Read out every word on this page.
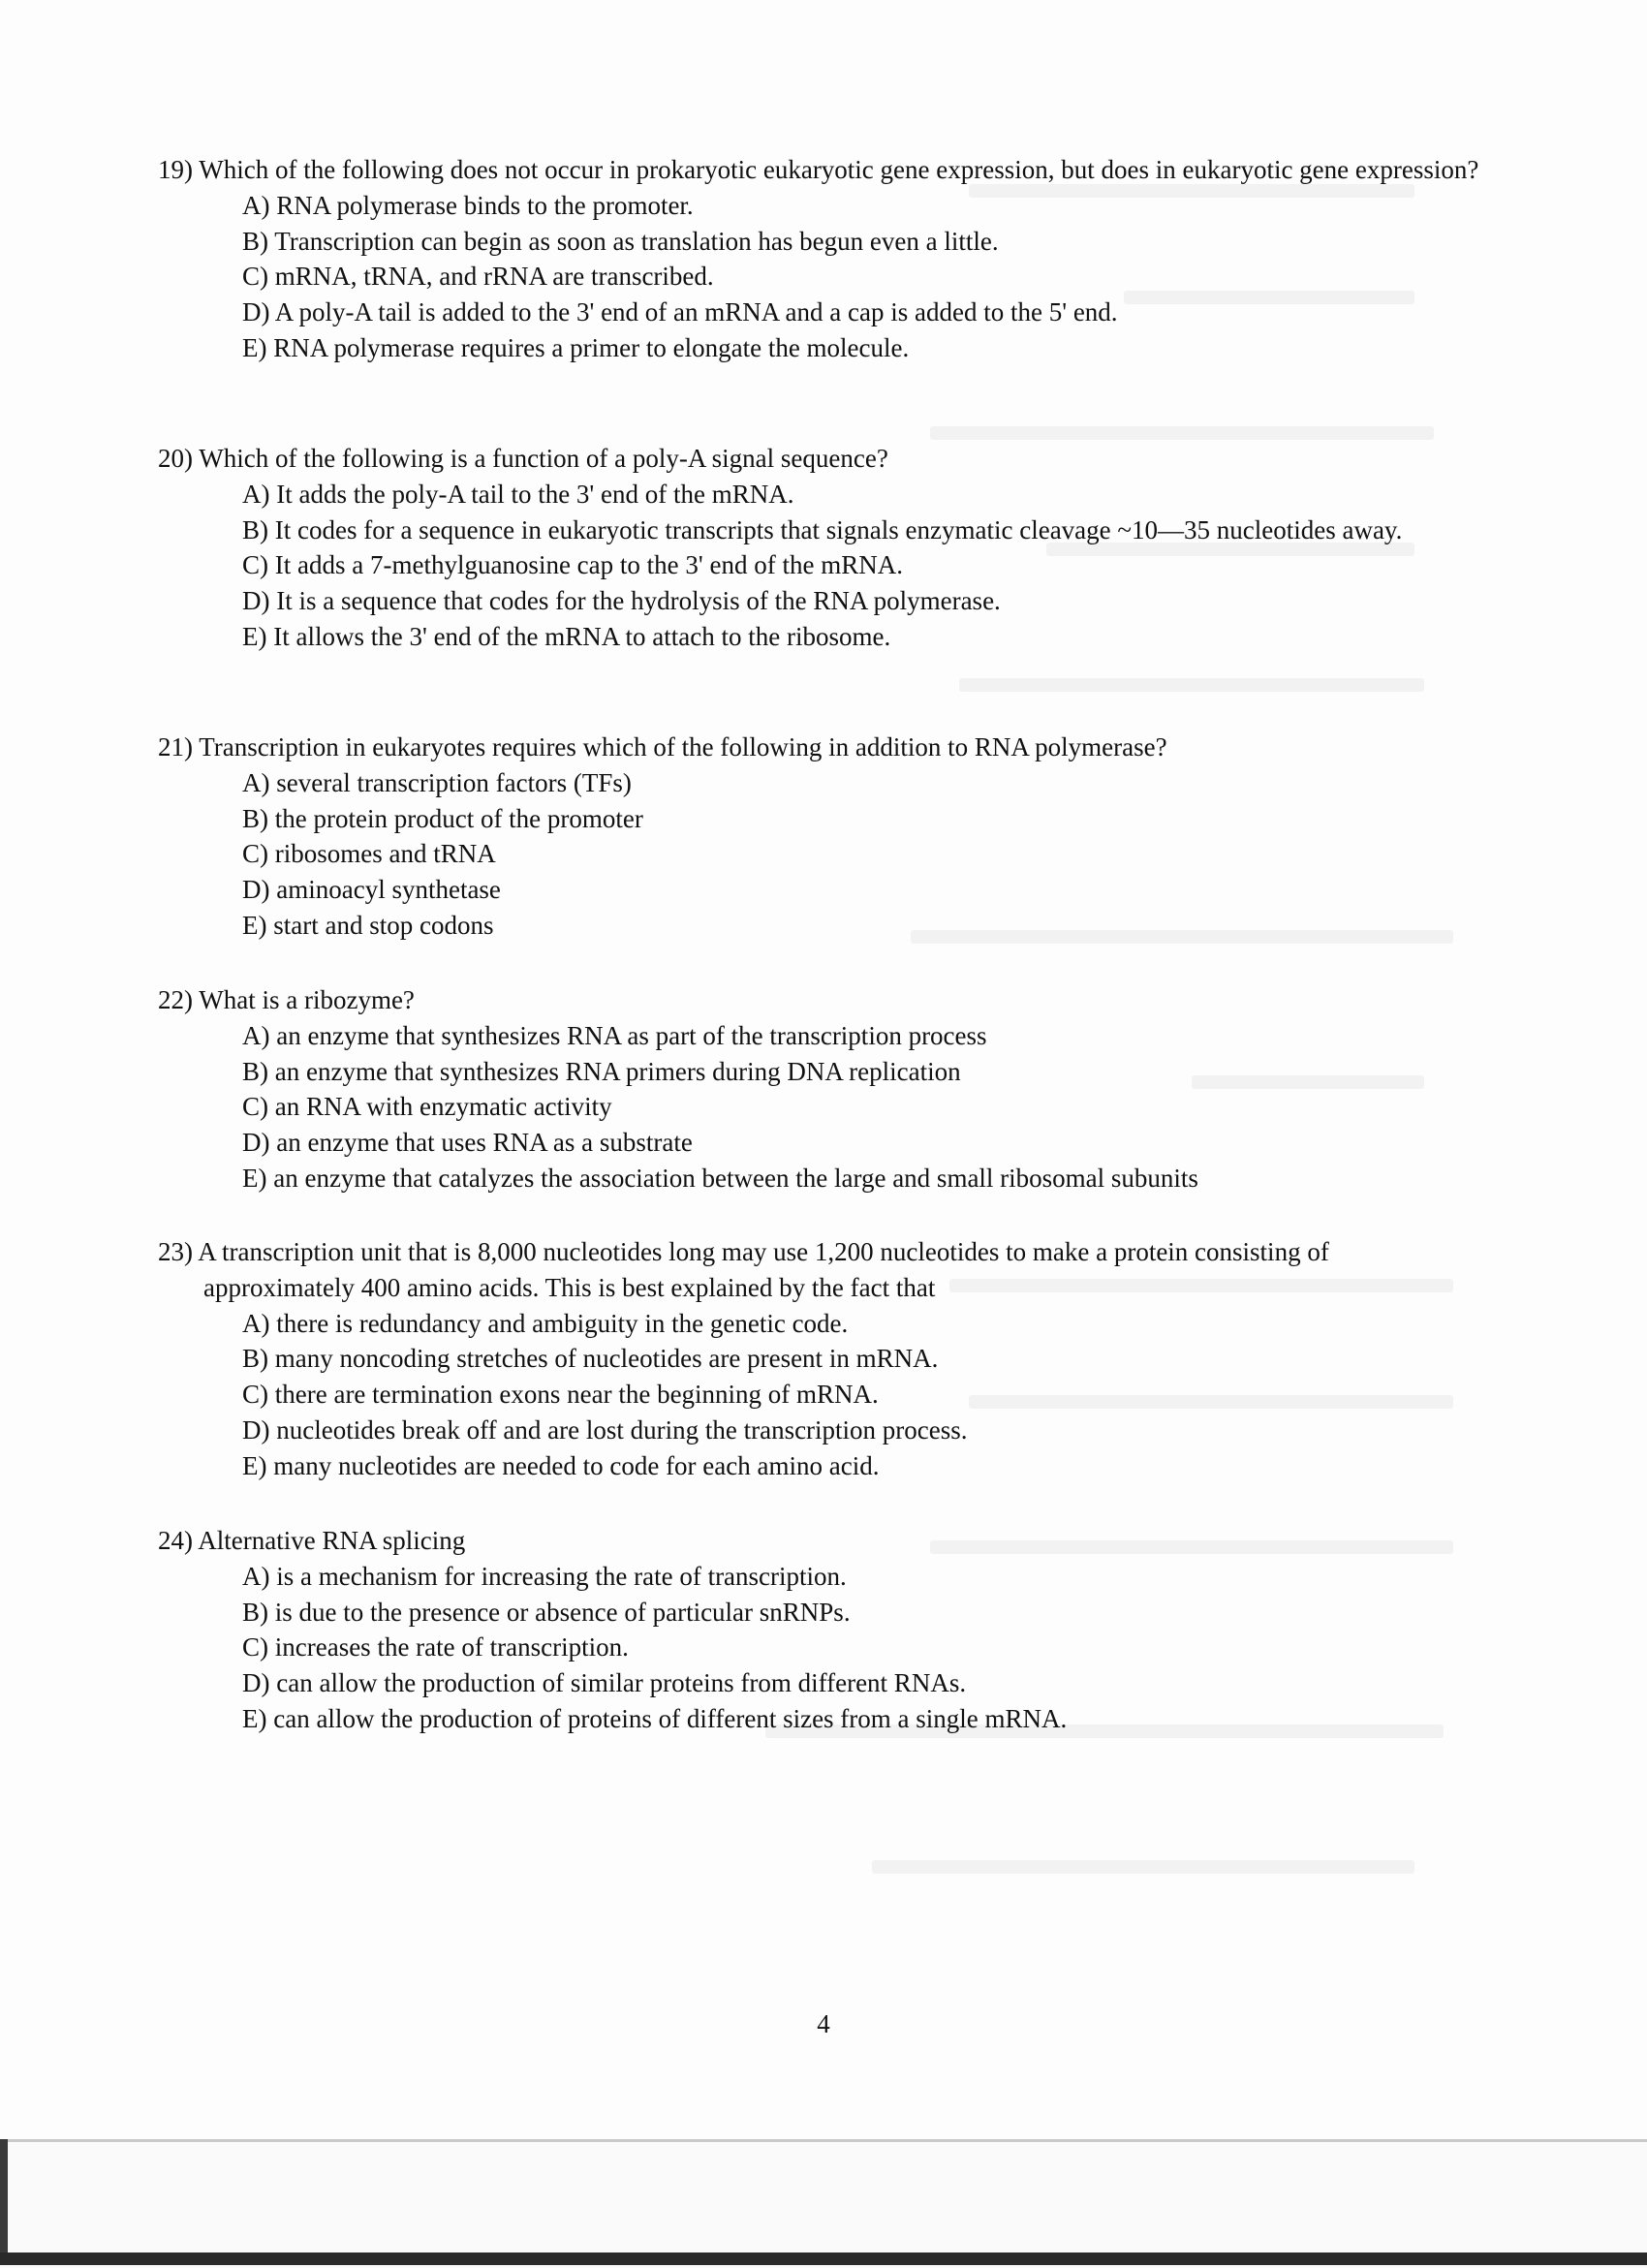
19) Which of the following does not occur in prokaryotic eukaryotic gene expression, but does in eukaryotic gene expression?
A) RNA polymerase binds to the promoter.
B) Transcription can begin as soon as translation has begun even a little.
C) mRNA, tRNA, and rRNA are transcribed.
D) A poly-A tail is added to the 3' end of an mRNA and a cap is added to the 5' end.
E) RNA polymerase requires a primer to elongate the molecule.
20) Which of the following is a function of a poly-A signal sequence?
A) It adds the poly-A tail to the 3' end of the mRNA.
B) It codes for a sequence in eukaryotic transcripts that signals enzymatic cleavage ~10—35 nucleotides away.
C) It adds a 7-methylguanosine cap to the 3' end of the mRNA.
D) It is a sequence that codes for the hydrolysis of the RNA polymerase.
E) It allows the 3' end of the mRNA to attach to the ribosome.
21) Transcription in eukaryotes requires which of the following in addition to RNA polymerase?
A) several transcription factors (TFs)
B) the protein product of the promoter
C) ribosomes and tRNA
D) aminoacyl synthetase
E) start and stop codons
22) What is a ribozyme?
A) an enzyme that synthesizes RNA as part of the transcription process
B) an enzyme that synthesizes RNA primers during DNA replication
C) an RNA with enzymatic activity
D) an enzyme that uses RNA as a substrate
E) an enzyme that catalyzes the association between the large and small ribosomal subunits
23) A transcription unit that is 8,000 nucleotides long may use 1,200 nucleotides to make a protein consisting of approximately 400 amino acids. This is best explained by the fact that
A) there is redundancy and ambiguity in the genetic code.
B) many noncoding stretches of nucleotides are present in mRNA.
C) there are termination exons near the beginning of mRNA.
D) nucleotides break off and are lost during the transcription process.
E) many nucleotides are needed to code for each amino acid.
24) Alternative RNA splicing
A) is a mechanism for increasing the rate of transcription.
B) is due to the presence or absence of particular snRNPs.
C) increases the rate of transcription.
D) can allow the production of similar proteins from different RNAs.
E) can allow the production of proteins of different sizes from a single mRNA.
4
